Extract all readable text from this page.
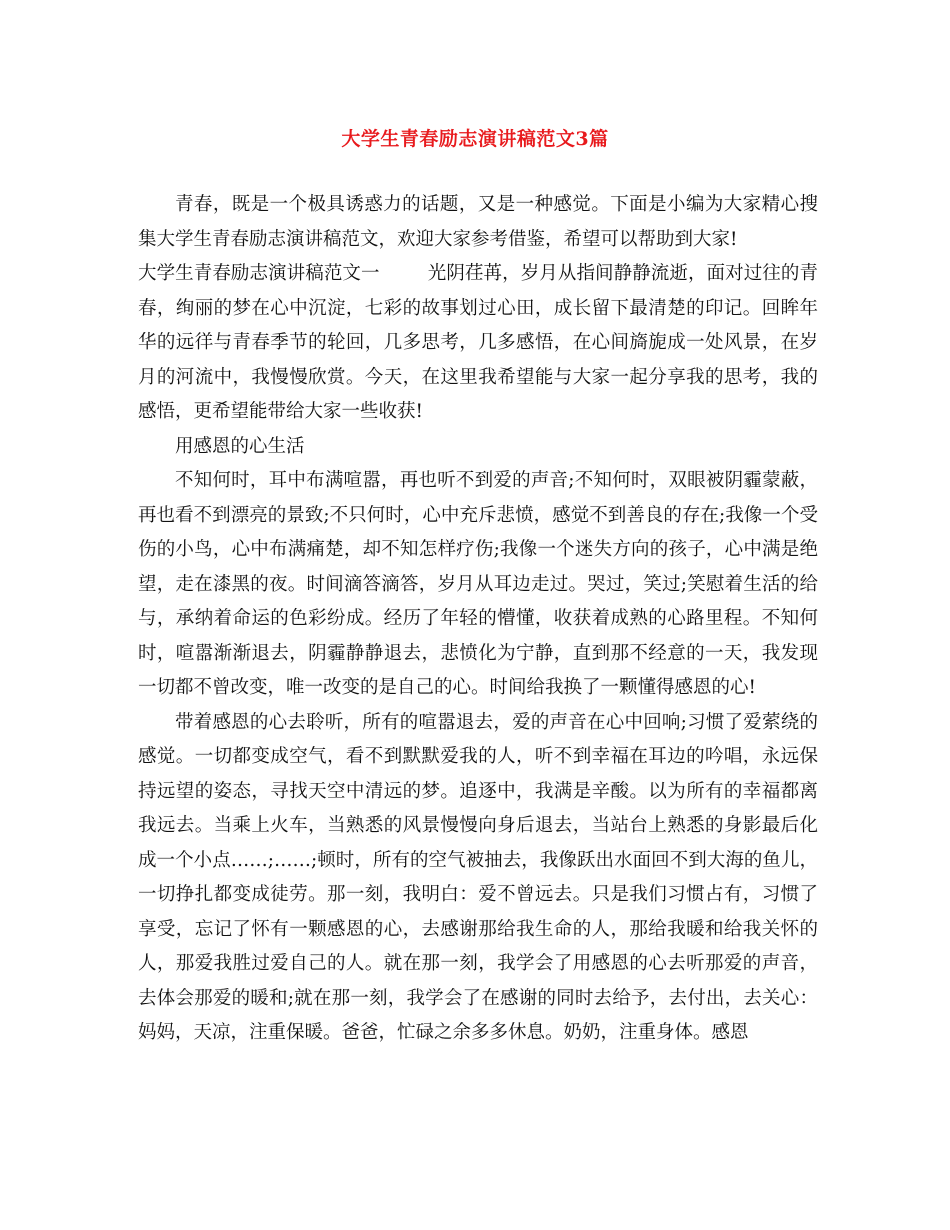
大学生青春励志演讲稿范文3篇

青春，既是一个极具诱惑力的话题，又是一种感觉。下面是小编为大家精心搜集大学生青春励志演讲稿范文，欢迎大家参考借鉴，希望可以帮助到大家!

大学生青春励志演讲稿范文一	光阴荏苒，岁月从指间静静流逝，面对过往的青春，绚丽的梦在心中沉淀，七彩的故事划过心田，成长留下最清楚的印记。回眸年华的远徉与青春季节的轮回，几多思考，几多感悟，在心间旖旎成一处风景，在岁月的河流中，我慢慢欣赏。今天，在这里我希望能与大家一起分享我的思考，我的感悟，更希望能带给大家一些收获!

用感恩的心生活

不知何时，耳中布满喧嚣，再也听不到爱的声音;不知何时，双眼被阴霾蒙蔽，再也看不到漂亮的景致;不只何时，心中充斥悲愤，感觉不到善良的存在;我像一个受伤的小鸟，心中布满痛楚，却不知怎样疗伤;我像一个迷失方向的孩子，心中满是绝望，走在漆黑的夜。时间滴答滴答，岁月从耳边走过。哭过，笑过;笑慰着生活的给与，承纳着命运的色彩纷成。经历了年轻的懵懂，收获着成熟的心路里程。不知何时，喧嚣渐渐退去，阴霾静静退去，悲愤化为宁静，直到那不经意的一天，我发现一切都不曾改变，唯一改变的是自己的心。时间给我换了一颗懂得感恩的心!

带着感恩的心去聆听，所有的喧嚣退去，爱的声音在心中回响;习惯了爱萦绕的感觉。一切都变成空气，看不到默默爱我的人，听不到幸福在耳边的吟唱，永远保持远望的姿态，寻找天空中清远的梦。追逐中，我满是辛酸。以为所有的幸福都离我远去。当乘上火车，当熟悉的风景慢慢向身后退去，当站台上熟悉的身影最后化成一个小点……;……;顿时，所有的空气被抽去，我像跃出水面回不到大海的鱼儿，一切挣扎都变成徒劳。那一刻，我明白：爱不曾远去。只是我们习惯占有，习惯了享受，忘记了怀有一颗感恩的心，去感谢那给我生命的人，那给我暖和给我关怀的人，那爱我胜过爱自己的人。就在那一刻，我学会了用感恩的心去听那爱的声音，去体会那爱的暖和;就在那一刻，我学会了在感谢的同时去给予，去付出，去关心：妈妈，天凉，注重保暖。爸爸，忙碌之余多多休息。奶奶，注重身体。感恩
